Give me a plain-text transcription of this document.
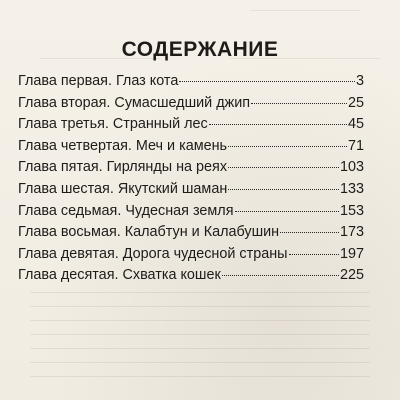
СОДЕРЖАНИЕ
Глава первая. Глаз кота	3
Глава вторая. Сумасшедший джип	25
Глава третья. Странный лес	45
Глава четвертая. Меч и камень	71
Глава пятая. Гирлянды на реях	103
Глава шестая. Якутский шаман	133
Глава седьмая. Чудесная земля	153
Глава восьмая. Калабтун и Калабушин	173
Глава девятая. Дорога чудесной страны	197
Глава десятая. Схватка кошек	225
